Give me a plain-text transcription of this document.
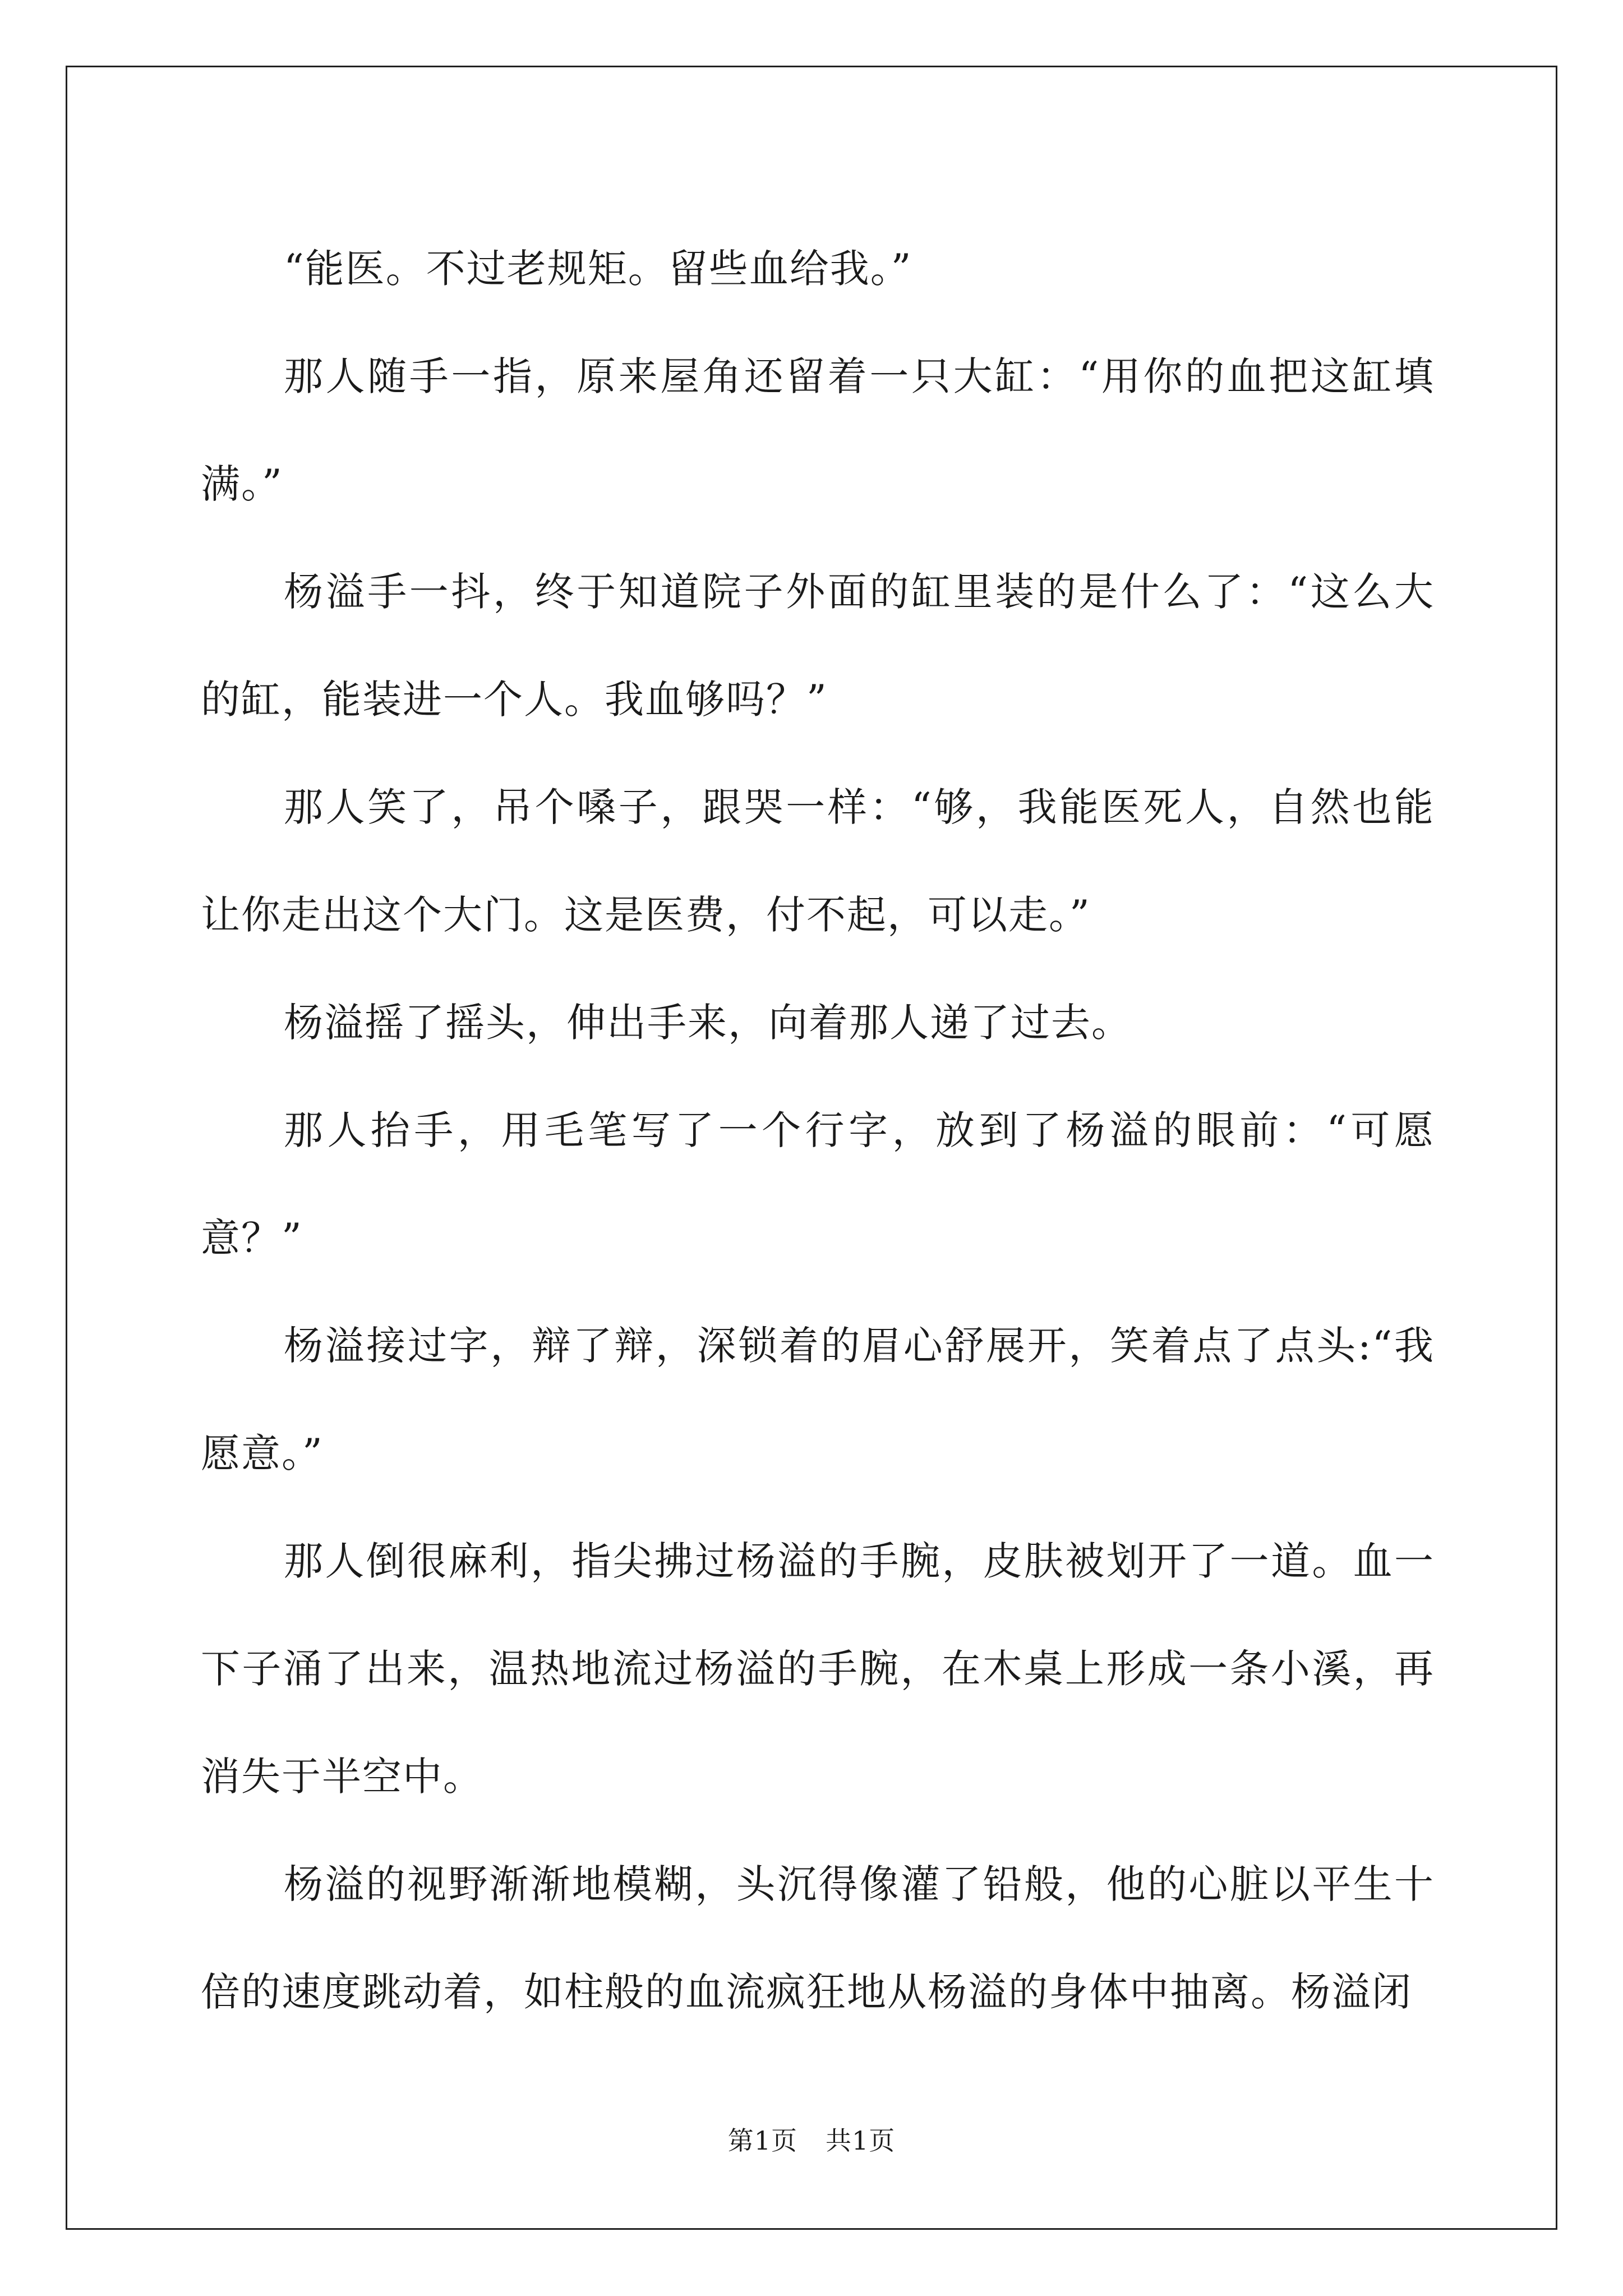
“能医。不过老规矩。留些血给我。”

那人随手一指，原来屋角还留着一只大缸：“用你的血把这缸填满。”

杨溢手一抖，终于知道院子外面的缸里装的是什么了：“这么大的缸，能装进一个人。我血够吗？”

那人笑了，吊个嗓子，跟哭一样：“够，我能医死人，自然也能让你走出这个大门。这是医费，付不起，可以走。”

杨溢摇了摇头，伸出手来，向着那人递了过去。

那人抬手，用毛笔写了一个行字，放到了杨溢的眼前：“可愿意？”

杨溢接过字，辩了辩，深锁着的眉心舒展开，笑着点了点头:“我愿意。”

那人倒很麻利，指尖拂过杨溢的手腕，皮肤被划开了一道。血一下子涌了出来，温热地流过杨溢的手腕，在木桌上形成一条小溪，再消失于半空中。

杨溢的视野渐渐地模糊，头沉得像灌了铅般，他的心脏以平生十倍的速度跳动着，如柱般的血流疯狂地从杨溢的身体中抽离。杨溢闭

第1页 共1页
